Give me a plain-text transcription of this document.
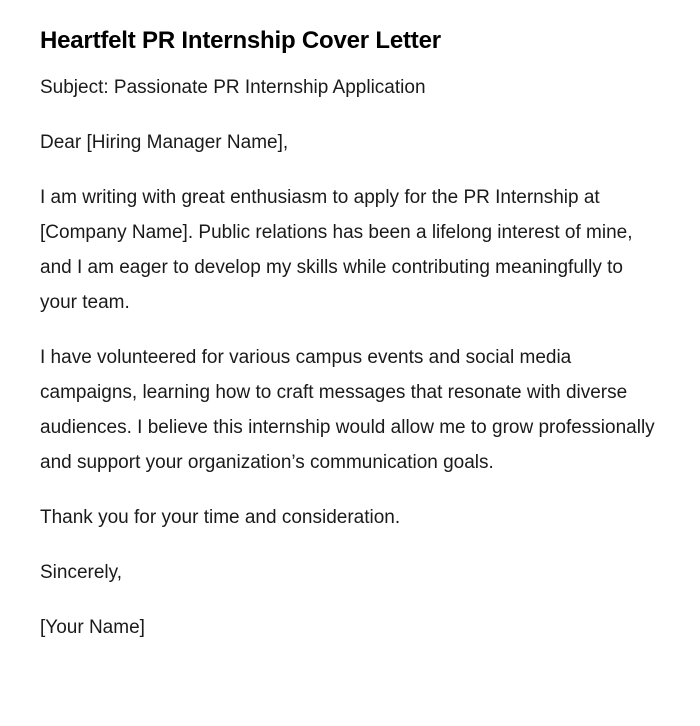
Heartfelt PR Internship Cover Letter

Subject: Passionate PR Internship Application

Dear [Hiring Manager Name],

I am writing with great enthusiasm to apply for the PR Internship at [Company Name]. Public relations has been a lifelong interest of mine, and I am eager to develop my skills while contributing meaningfully to your team.

I have volunteered for various campus events and social media campaigns, learning how to craft messages that resonate with diverse audiences. I believe this internship would allow me to grow professionally and support your organization’s communication goals.

Thank you for your time and consideration.

Sincerely,

[Your Name]
